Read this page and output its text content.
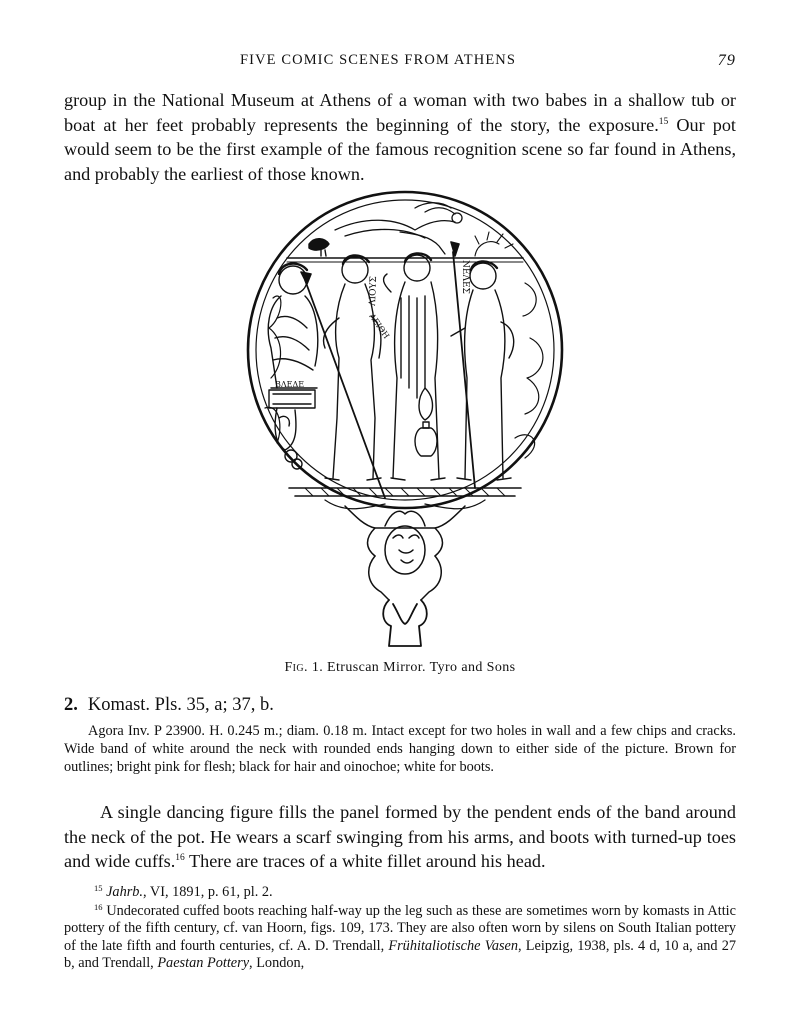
FIVE COMIC SCENES FROM ATHENS	79

group in the National Museum at Athens of a woman with two babes in a shallow tub or boat at her feet probably represents the beginning of the story, the exposure.$^{15}$ Our pot would seem to be the first example of the famous recognition scene so far found in Athens, and probably the earliest of those known.

ΒΛΕΔΕ
ΛΙΟΥΣ
ΛΕΙΘΗ
ΝΕΛΕΣ
Fig. 1. Etruscan Mirror. Tyro and Sons
2. Komast. Pls. 35, a; 37, b.

Agora Inv. P 23900. H. 0.245 m.; diam. 0.18 m. Intact except for two holes in wall and a few chips and cracks. Wide band of white around the neck with rounded ends hanging down to either side of the picture. Brown for outlines; bright pink for flesh; black for hair and oinochoe; white for boots.

A single dancing figure fills the panel formed by the pendent ends of the band around the neck of the pot. He wears a scarf swinging from his arms, and boots with turned-up toes and wide cuffs.$^{16}$ There are traces of a white fillet around his head.

$^{15}$ Jahrb., VI, 1891, p. 61, pl. 2.

$^{16}$ Undecorated cuffed boots reaching half-way up the leg such as these are sometimes worn by komasts in Attic pottery of the fifth century, cf. van Hoorn, figs. 109, 173. They are also often worn by silens on South Italian pottery of the late fifth and fourth centuries, cf. A. D. Trendall, Frühitaliotische Vasen, Leipzig, 1938, pls. 4 d, 10 a, and 27 b, and Trendall, Paestan Pottery, London,
